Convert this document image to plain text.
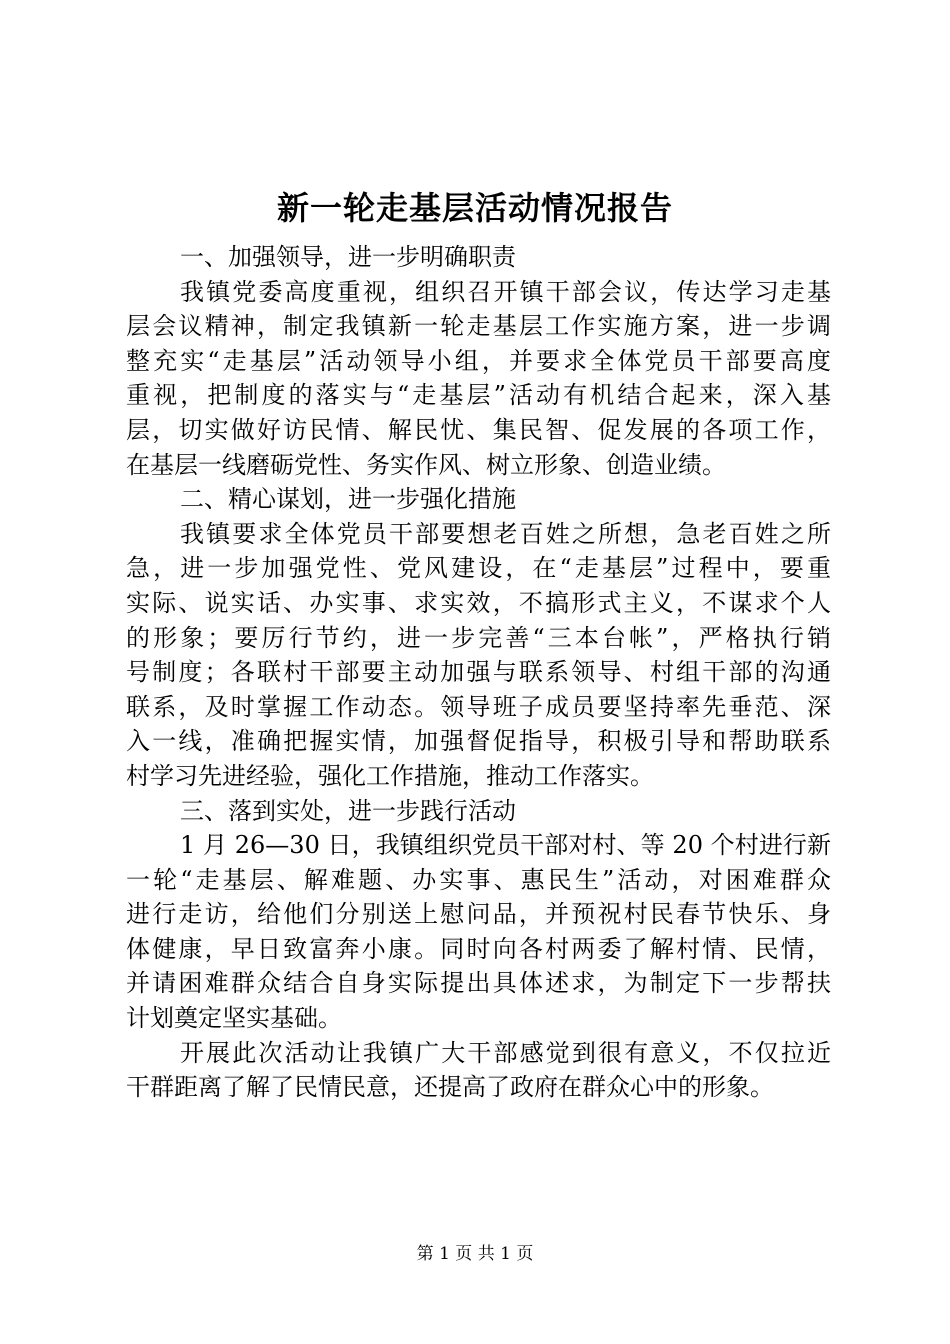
新一轮走基层活动情况报告
一、加强领导，进一步明确职责
我镇党委高度重视，组织召开镇干部会议，传达学习走基
层会议精神，制定我镇新一轮走基层工作实施方案，进一步调
整充实“走基层”活动领导小组，并要求全体党员干部要高度
重视，把制度的落实与“走基层”活动有机结合起来，深入基
层，切实做好访民情、解民忧、集民智、促发展的各项工作，
在基层一线磨砺党性、务实作风、树立形象、创造业绩。
二、精心谋划，进一步强化措施
我镇要求全体党员干部要想老百姓之所想，急老百姓之所
急，进一步加强党性、党风建设，在“走基层”过程中，要重
实际、说实话、办实事、求实效，不搞形式主义，不谋求个人
的形象；要厉行节约，进一步完善“三本台帐”，严格执行销
号制度；各联村干部要主动加强与联系领导、村组干部的沟通
联系，及时掌握工作动态。领导班子成员要坚持率先垂范、深
入一线，准确把握实情，加强督促指导，积极引导和帮助联系
村学习先进经验，强化工作措施，推动工作落实。
三、落到实处，进一步践行活动
1 月 26—30 日，我镇组织党员干部对村、等 20 个村进行新
一轮“走基层、解难题、办实事、惠民生”活动，对困难群众
进行走访，给他们分别送上慰问品，并预祝村民春节快乐、身
体健康，早日致富奔小康。同时向各村两委了解村情、民情，
并请困难群众结合自身实际提出具体述求，为制定下一步帮扶
计划奠定坚实基础。
开展此次活动让我镇广大干部感觉到很有意义，不仅拉近
干群距离了解了民情民意，还提高了政府在群众心中的形象。
第 1 页 共 1 页
